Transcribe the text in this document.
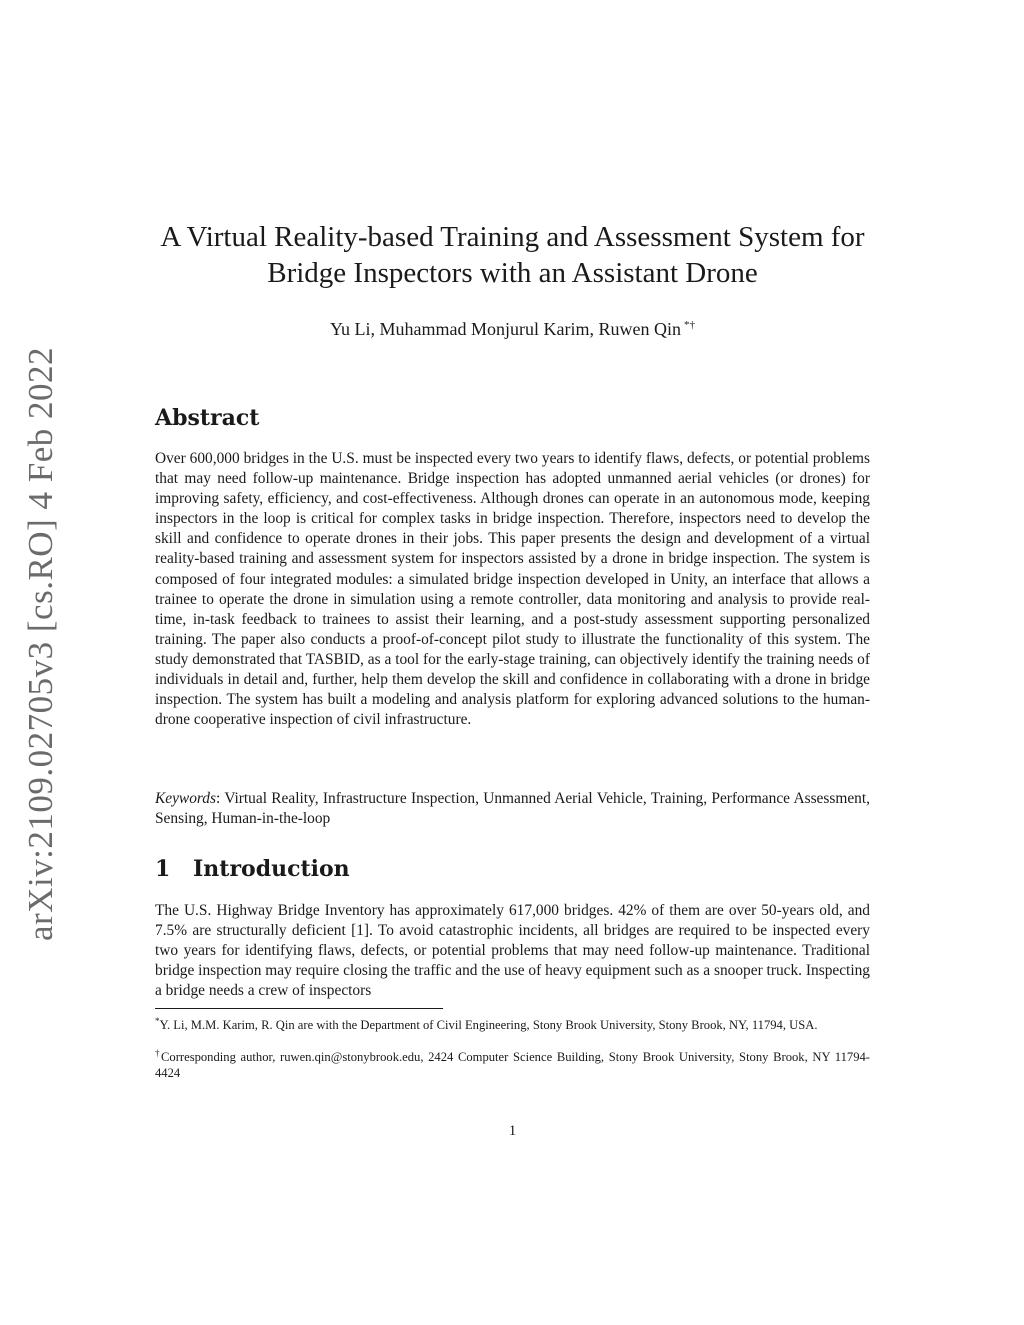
arXiv:2109.02705v3 [cs.RO] 4 Feb 2022
A Virtual Reality-based Training and Assessment System for
Bridge Inspectors with an Assistant Drone
Yu Li, Muhammad Monjurul Karim, Ruwen Qin *†
Abstract

Over 600,000 bridges in the U.S. must be inspected every two years to identify flaws, defects, or potential problems that may need follow-up maintenance. Bridge inspection has adopted unmanned aerial vehicles (or drones) for improving safety, efficiency, and cost-effectiveness. Although drones can operate in an autonomous mode, keeping inspectors in the loop is critical for complex tasks in bridge inspection. Therefore, inspectors need to develop the skill and confidence to operate drones in their jobs. This paper presents the design and development of a virtual reality-based training and assessment system for inspectors assisted by a drone in bridge inspection. The system is composed of four integrated modules: a simulated bridge inspection developed in Unity, an interface that allows a trainee to operate the drone in simulation using a remote controller, data monitoring and analysis to provide real-time, in-task feedback to trainees to assist their learning, and a post-study assessment supporting personalized training. The paper also conducts a proof-of-concept pilot study to illustrate the functionality of this system. The study demonstrated that TASBID, as a tool for the early-stage training, can objectively identify the training needs of individuals in detail and, further, help them develop the skill and confidence in collaborating with a drone in bridge inspection. The system has built a modeling and analysis platform for exploring advanced solutions to the human-drone cooperative inspection of civil infrastructure.

Keywords: Virtual Reality, Infrastructure Inspection, Unmanned Aerial Vehicle, Training, Performance Assessment, Sensing, Human-in-the-loop

1 Introduction

The U.S. Highway Bridge Inventory has approximately 617,000 bridges. 42% of them are over 50-years old, and 7.5% are structurally deficient [1]. To avoid catastrophic incidents, all bridges are required to be inspected every two years for identifying flaws, defects, or potential problems that may need follow-up maintenance. Traditional bridge inspection may require closing the traffic and the use of heavy equipment such as a snooper truck. Inspecting a bridge needs a crew of inspectors

*Y. Li, M.M. Karim, R. Qin are with the Department of Civil Engineering, Stony Brook University, Stony Brook, NY, 11794, USA.

†Corresponding author, ruwen.qin@stonybrook.edu, 2424 Computer Science Building, Stony Brook University, Stony Brook, NY 11794-4424

1
